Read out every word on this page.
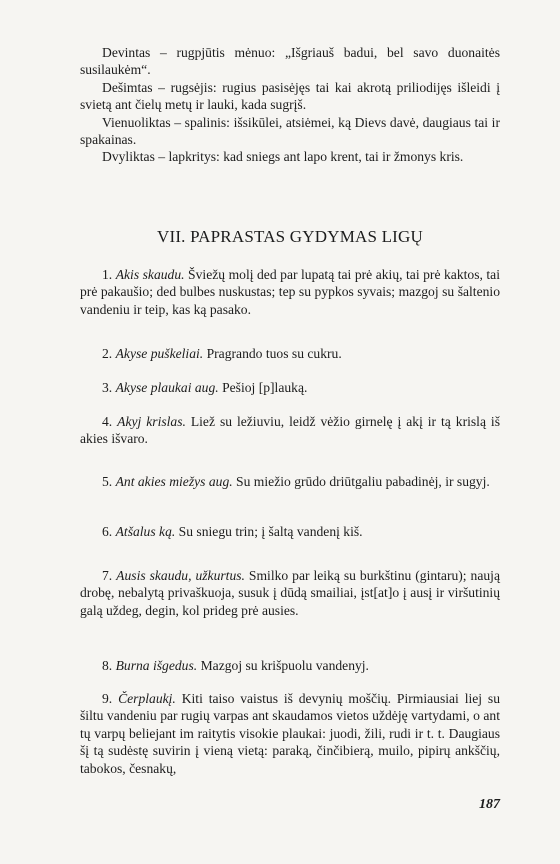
Devintas – rugpjūtis mėnuo: „Išgriauš badui, bel savo duonaitės susilaukėm“.

Dešimtas – rugsėjis: rugius pasisėjęs tai kai akrotą priliodijęs išleidi į svietą ant čielų metų ir lauki, kada sugrįš.

Vienuoliktas – spalinis: išsikūlei, atsiėmei, ką Dievs davė, daugiaus tai ir spakainas.

Dvyliktas – lapkritys: kad sniegs ant lapo krent, tai ir žmonys kris.

VII. PAPRASTAS GYDYMAS LIGŲ

1. Akis skaudu. Šviežų molį ded par lupatą tai prė akių, tai prė kaktos, tai prė pakaušio; ded bulbes nuskustas; tep su pypkos syvais; mazgoj su šaltenio vandeniu ir teip, kas ką pasako.

2. Akyse puškeliai. Pragrando tuos su cukru.

3. Akyse plaukai aug. Pešioj [p]lauką.

4. Akyj krislas. Liež su ležiuviu, leidž vėžio girnelę į akį ir tą krislą iš akies išvaro.

5. Ant akies miežys aug. Su miežio grūdo driūtgaliu pabadinėj, ir sugyj.

6. Atšalus ką. Su sniegu trin; į šaltą vandenį kiš.

7. Ausis skaudu, užkurtus. Smilko par leiką su burkštinu (gintaru); naują drobę, nebalytą privaškuoja, susuk į dūdą smailiai, įst[at]o į ausį ir viršutinių galą uždeg, degin, kol prideg prė ausies.

8. Burna išgedus. Mazgoj su krišpuolu vandenyj.

9. Čerplaukį. Kiti taiso vaistus iš devynių moščių. Pirmiausiai liej su šiltu vandeniu par rugių varpas ant skaudamos vietos uždėję vartydami, o ant tų varpų beliejant im raitytis visokie plaukai: juodi, žili, rudi ir t. t. Daugiaus šį tą sudėstę suvirin į vieną vietą: paraką, činčibierą, muilo, pipirų ankščių, tabokos, česnakų,

187
